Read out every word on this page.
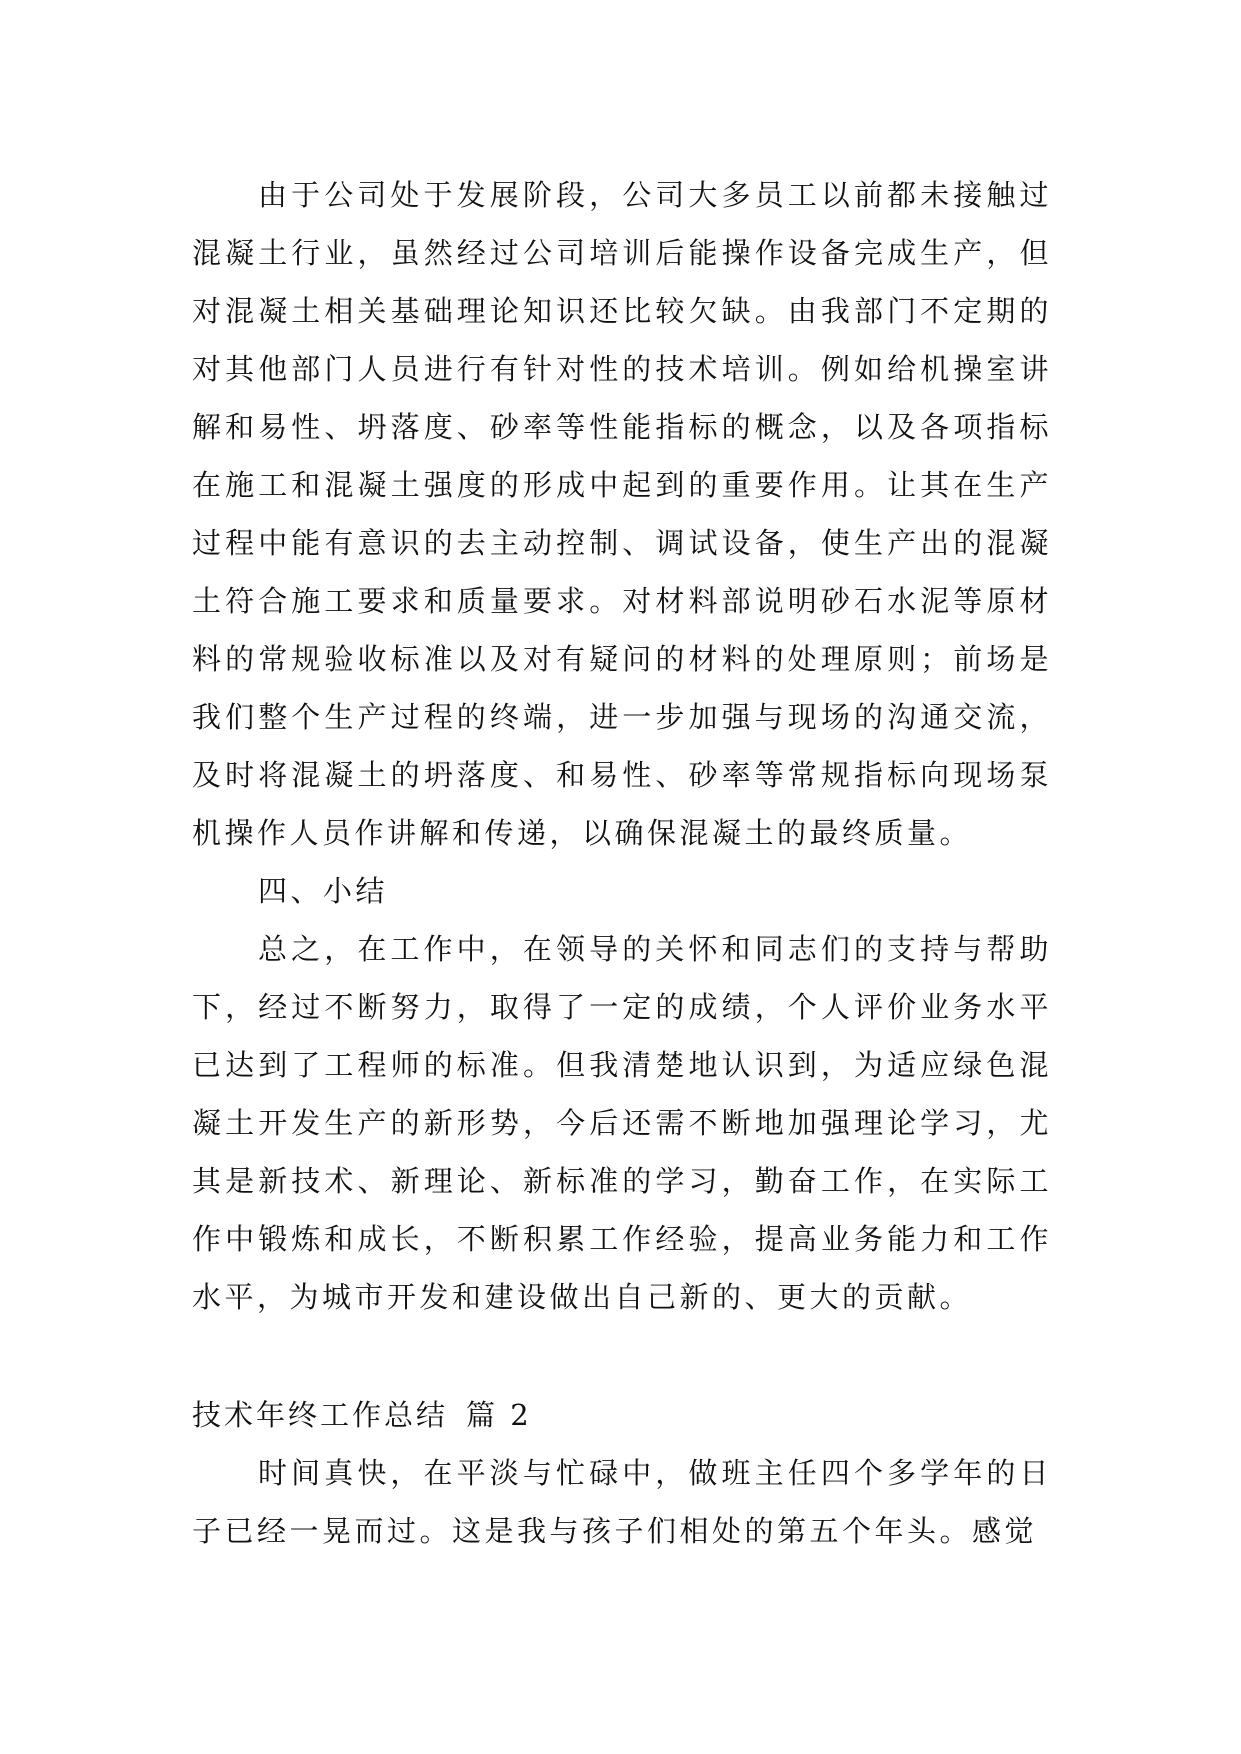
由于公司处于发展阶段，公司大多员工以前都未接触过混凝土行业，虽然经过公司培训后能操作设备完成生产，但对混凝土相关基础理论知识还比较欠缺。由我部门不定期的对其他部门人员进行有针对性的技术培训。例如给机操室讲解和易性、坍落度、砂率等性能指标的概念，以及各项指标在施工和混凝土强度的形成中起到的重要作用。让其在生产过程中能有意识的去主动控制、调试设备，使生产出的混凝土符合施工要求和质量要求。对材料部说明砂石水泥等原材料的常规验收标准以及对有疑问的材料的处理原则；前场是我们整个生产过程的终端，进一步加强与现场的沟通交流，及时将混凝土的坍落度、和易性、砂率等常规指标向现场泵机操作人员作讲解和传递，以确保混凝土的最终质量。

四、小结

总之，在工作中，在领导的关怀和同志们的支持与帮助下，经过不断努力，取得了一定的成绩，个人评价业务水平已达到了工程师的标准。但我清楚地认识到，为适应绿色混凝土开发生产的新形势，今后还需不断地加强理论学习，尤其是新技术、新理论、新标准的学习，勤奋工作，在实际工作中锻炼和成长，不断积累工作经验，提高业务能力和工作水平，为城市开发和建设做出自己新的、更大的贡献。

技术年终工作总结 篇 2

时间真快，在平淡与忙碌中，做班主任四个多学年的日子已经一晃而过。这是我与孩子们相处的第五个年头。感觉
